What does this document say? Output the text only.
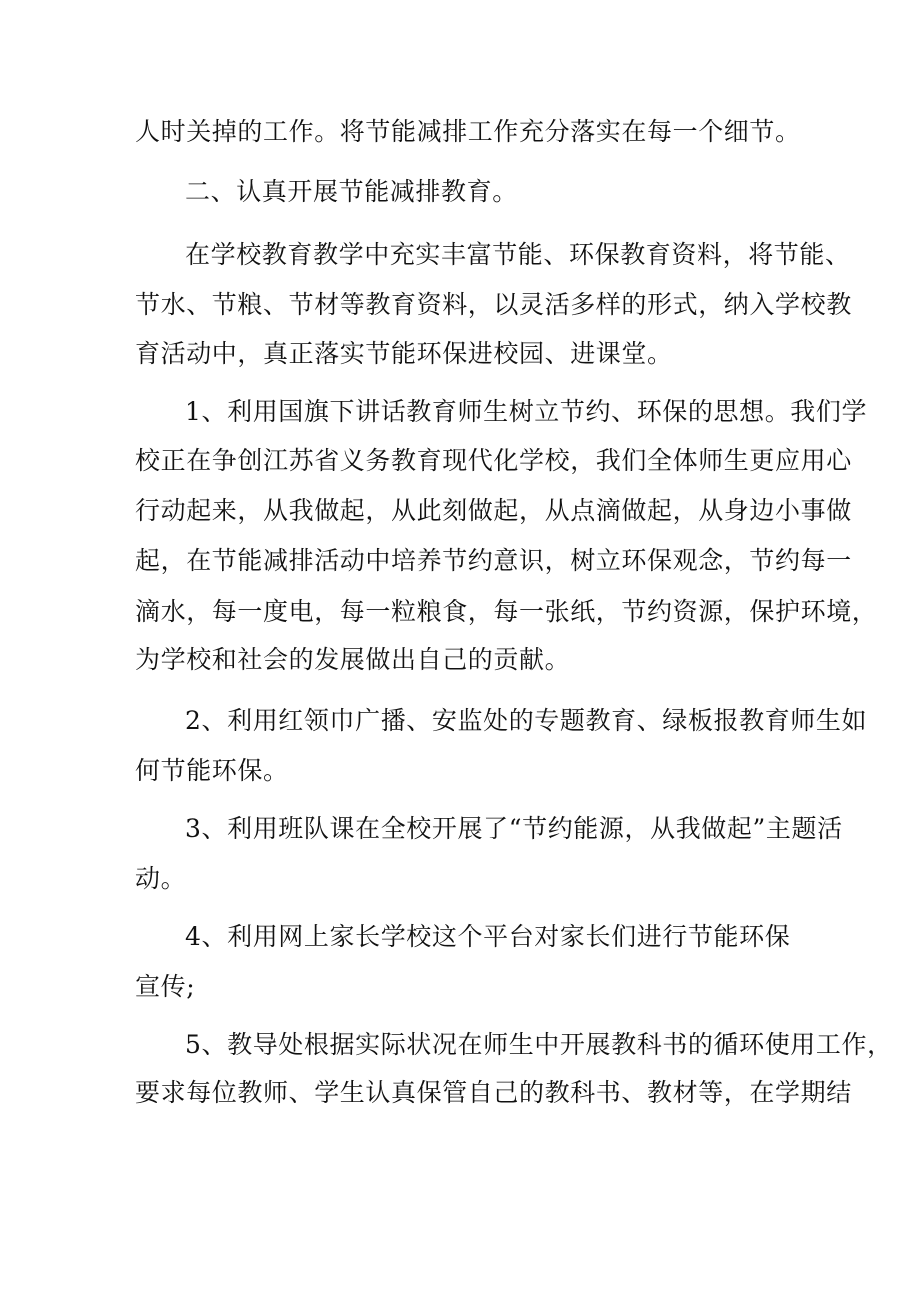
人时关掉的工作。将节能减排工作充分落实在每一个细节。
二、认真开展节能减排教育。
在学校教育教学中充实丰富节能、环保教育资料，将节能、
节水、节粮、节材等教育资料，以灵活多样的形式，纳入学校教
育活动中，真正落实节能环保进校园、进课堂。
1、利用国旗下讲话教育师生树立节约、环保的思想。我们学
校正在争创江苏省义务教育现代化学校，我们全体师生更应用心
行动起来，从我做起，从此刻做起，从点滴做起，从身边小事做
起，在节能减排活动中培养节约意识，树立环保观念，节约每一
滴水，每一度电，每一粒粮食，每一张纸，节约资源，保护环境，
为学校和社会的发展做出自己的贡献。
2、利用红领巾广播、安监处的专题教育、绿板报教育师生如
何节能环保。
3、利用班队课在全校开展了“节约能源，从我做起”主题活
动。
4、利用网上家长学校这个平台对家长们进行节能环保
宣传;
5、教导处根据实际状况在师生中开展教科书的循环使用工作，
要求每位教师、学生认真保管自己的教科书、教材等，在学期结
